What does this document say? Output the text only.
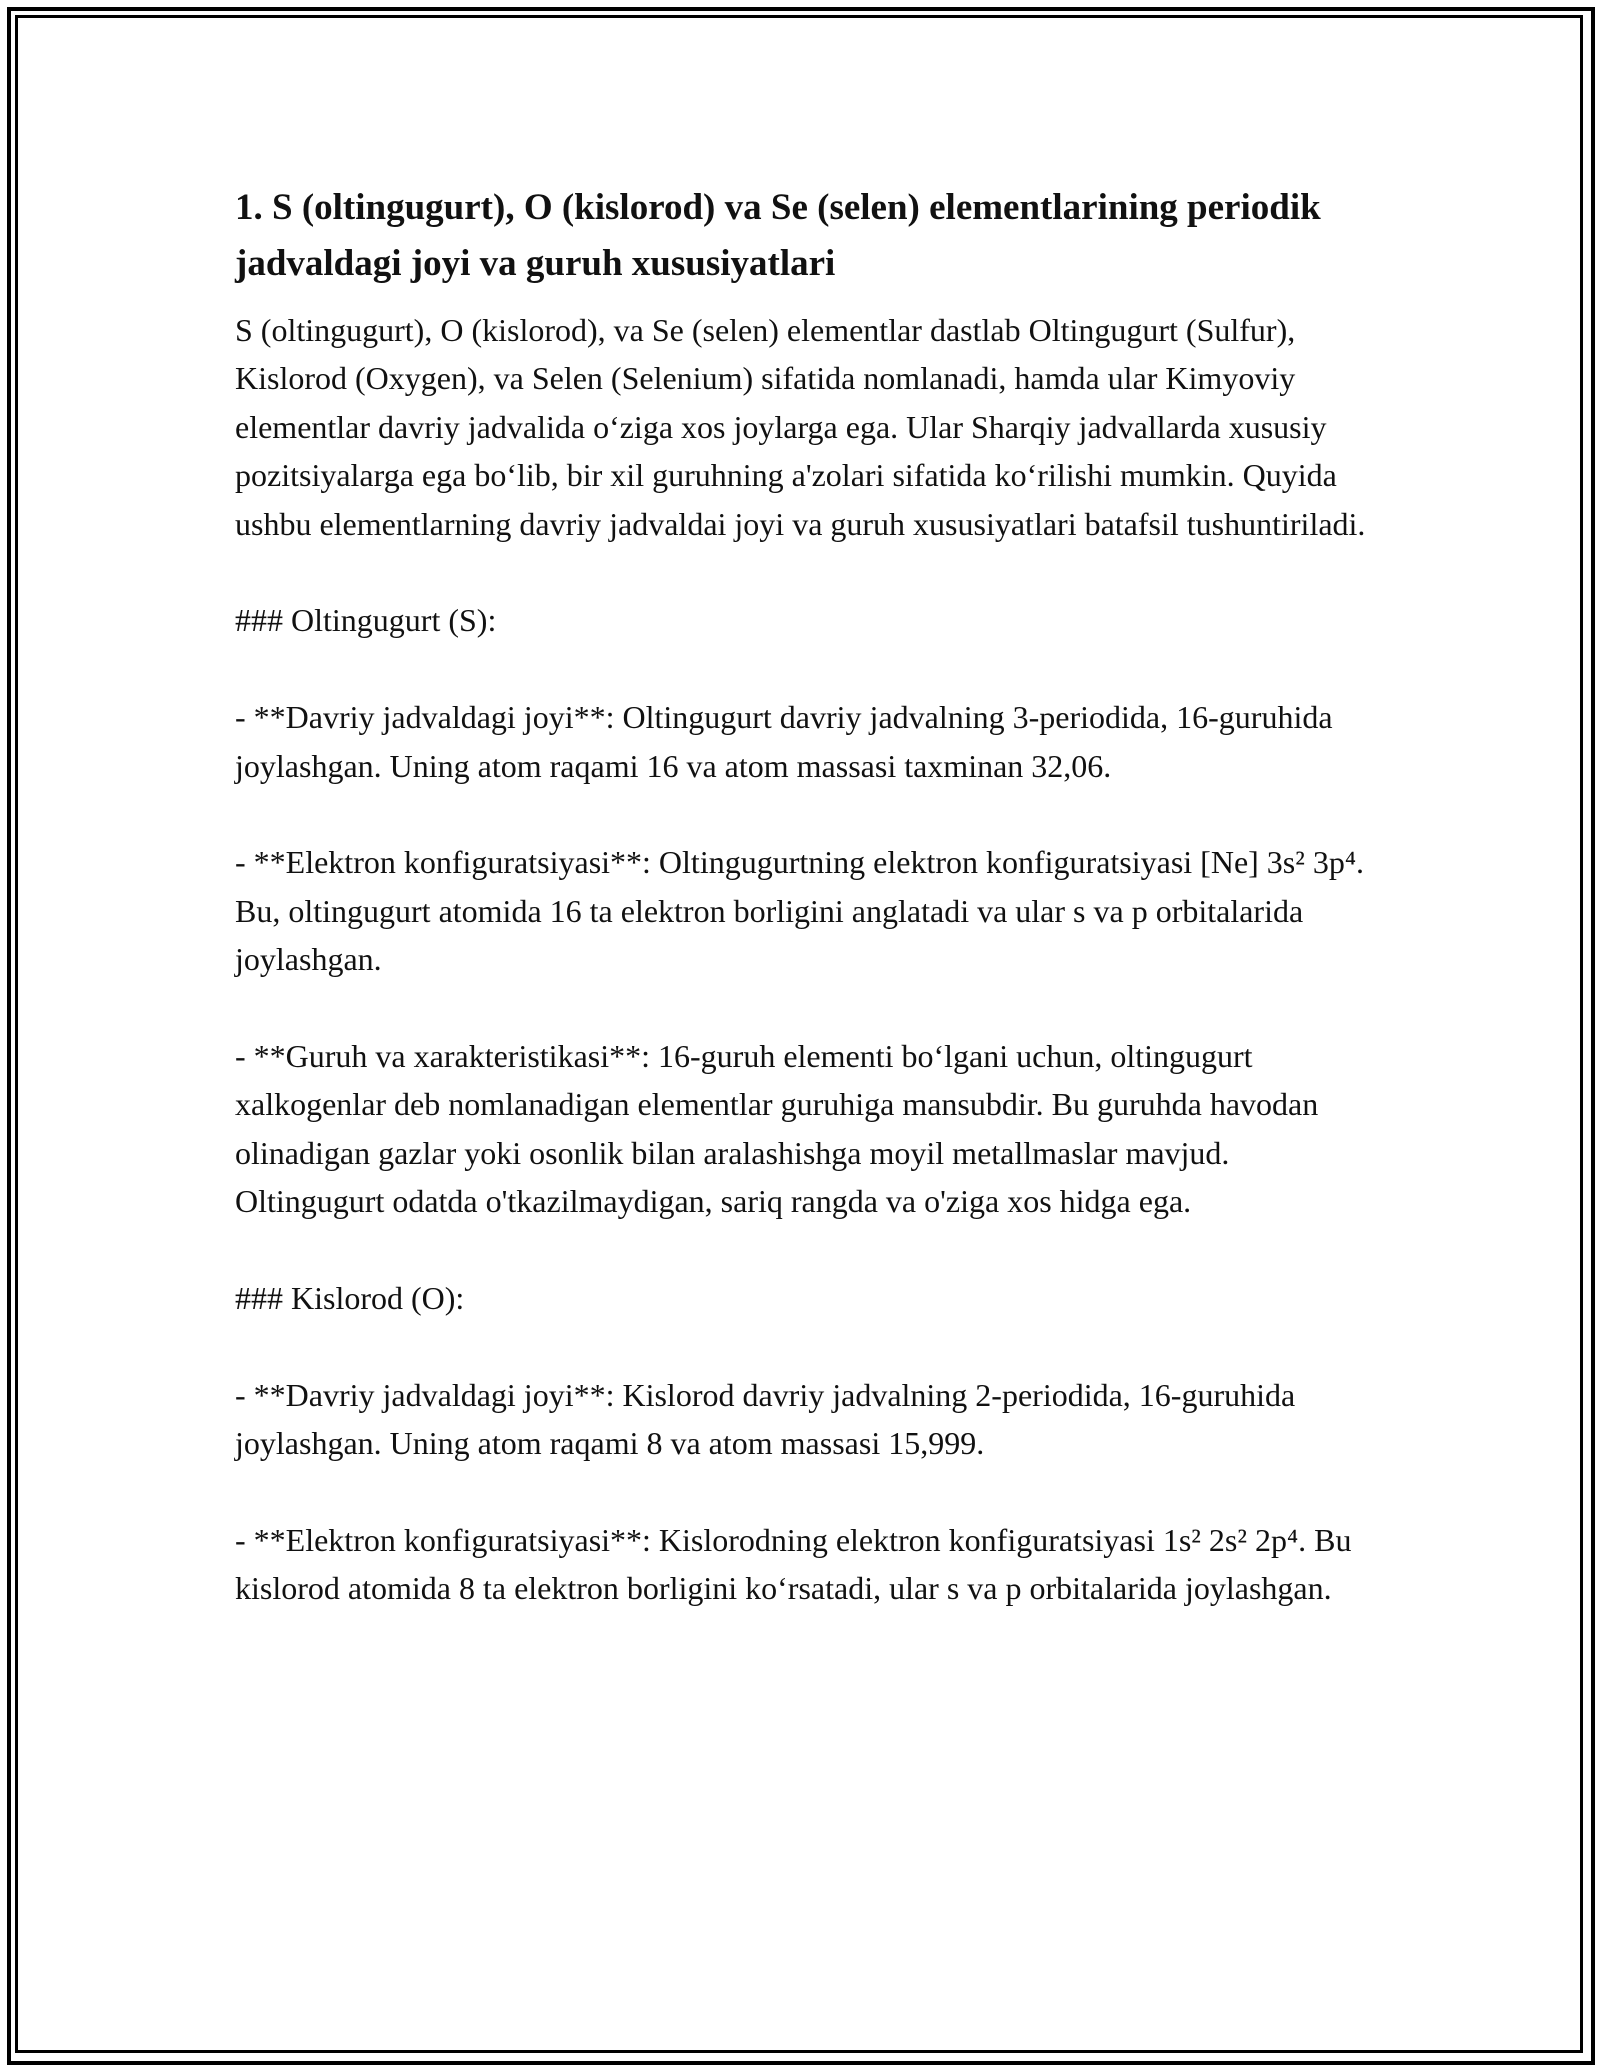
1. S (oltingugurt), O (kislorod) va Se (selen) elementlarining periodik jadvaldagi joyi va guruh xususiyatlari

S (oltingugurt), O (kislorod), va Se (selen) elementlar dastlab Oltingugurt (Sulfur), Kislorod (Oxygen), va Selen (Selenium) sifatida nomlanadi, hamda ular Kimyoviy elementlar davriy jadvalida o‘ziga xos joylarga ega. Ular Sharqiy jadvallarda xususiy pozitsiyalarga ega bo‘lib, bir xil guruhning a'zolari sifatida ko‘rilishi mumkin. Quyida ushbu elementlarning davriy jadvaldai joyi va guruh xususiyatlari batafsil tushuntiriladi.

### Oltingugurt (S):

- **Davriy jadvaldagi joyi**: Oltingugurt davriy jadvalning 3-periodida, 16-guruhida joylashgan. Uning atom raqami 16 va atom massasi taxminan 32,06.

- **Elektron konfiguratsiyasi**: Oltingugurtning elektron konfiguratsiyasi [Ne] 3s² 3p⁴. Bu, oltingugurt atomida 16 ta elektron borligini anglatadi va ular s va p orbitalarida joylashgan.

- **Guruh va xarakteristikasi**: 16-guruh elementi bo‘lgani uchun, oltingugurt xalkogenlar deb nomlanadigan elementlar guruhiga mansubdir. Bu guruhda havodan olinadigan gazlar yoki osonlik bilan aralashishga moyil metallmaslar mavjud. Oltingugurt odatda o'tkazilmaydigan, sariq rangda va o'ziga xos hidga ega.

### Kislorod (O):

- **Davriy jadvaldagi joyi**: Kislorod davriy jadvalning 2-periodida, 16-guruhida joylashgan. Uning atom raqami 8 va atom massasi 15,999.

- **Elektron konfiguratsiyasi**: Kislorodning elektron konfiguratsiyasi 1s² 2s² 2p⁴. Bu kislorod atomida 8 ta elektron borligini ko‘rsatadi, ular s va p orbitalarida joylashgan.
